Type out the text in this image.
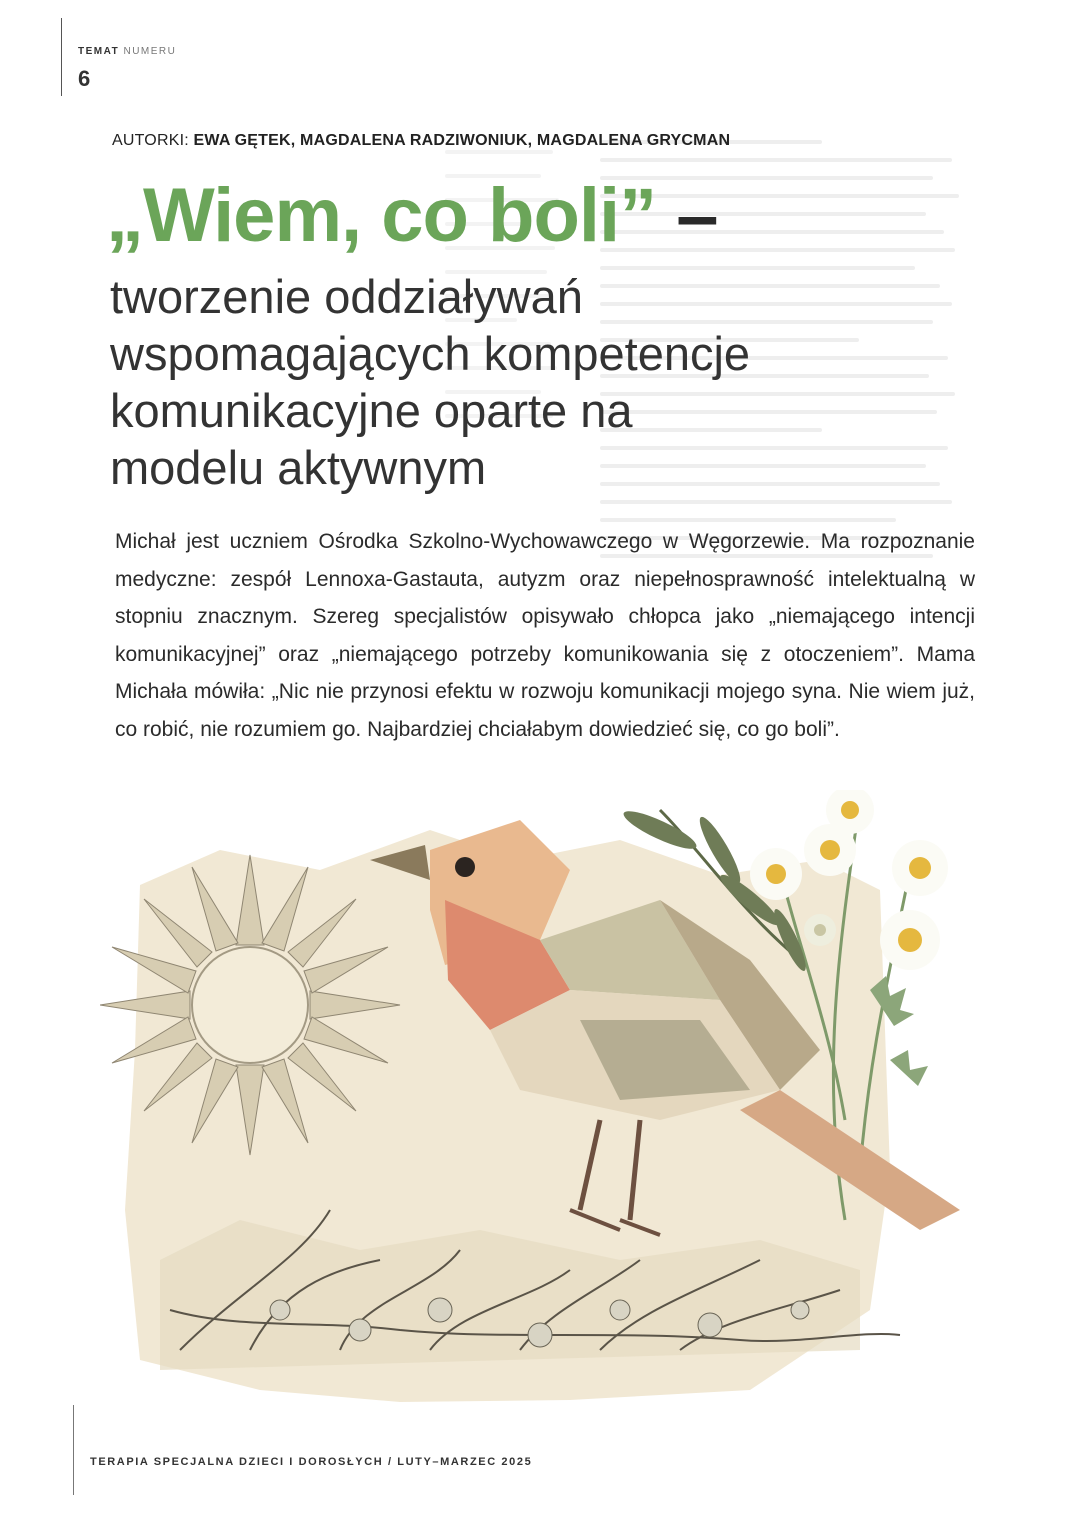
TEMAT NUMERU
6
AUTORKI: EWA GĘTEK, MAGDALENA RADZIWONIUK, MAGDALENA GRYCMAN
„Wiem, co boli” –
tworzenie oddziaływań
wspomagających kompetencje
komunikacyjne oparte na
modelu aktywnym
Michał jest uczniem Ośrodka Szkolno-Wychowawczego w Węgorzewie. Ma rozpoznanie medyczne: zespół Lennoxa-Gastauta, autyzm oraz niepełnosprawność intelektualną w stopniu znacznym. Szereg specjalistów opisywało chłopca jako „niemającego intencji komunikacyjnej” oraz „niemającego potrzeby komunikowania się z otoczeniem”. Mama Michała mówiła: „Nic nie przynosi efektu w rozwoju komunikacji mojego syna. Nie wiem już, co robić, nie rozumiem go. Najbardziej chciałabym dowiedzieć się, co go boli”.
TERAPIA SPECJALNA DZIECI I DOROSŁYCH / LUTY–MARZEC 2025
